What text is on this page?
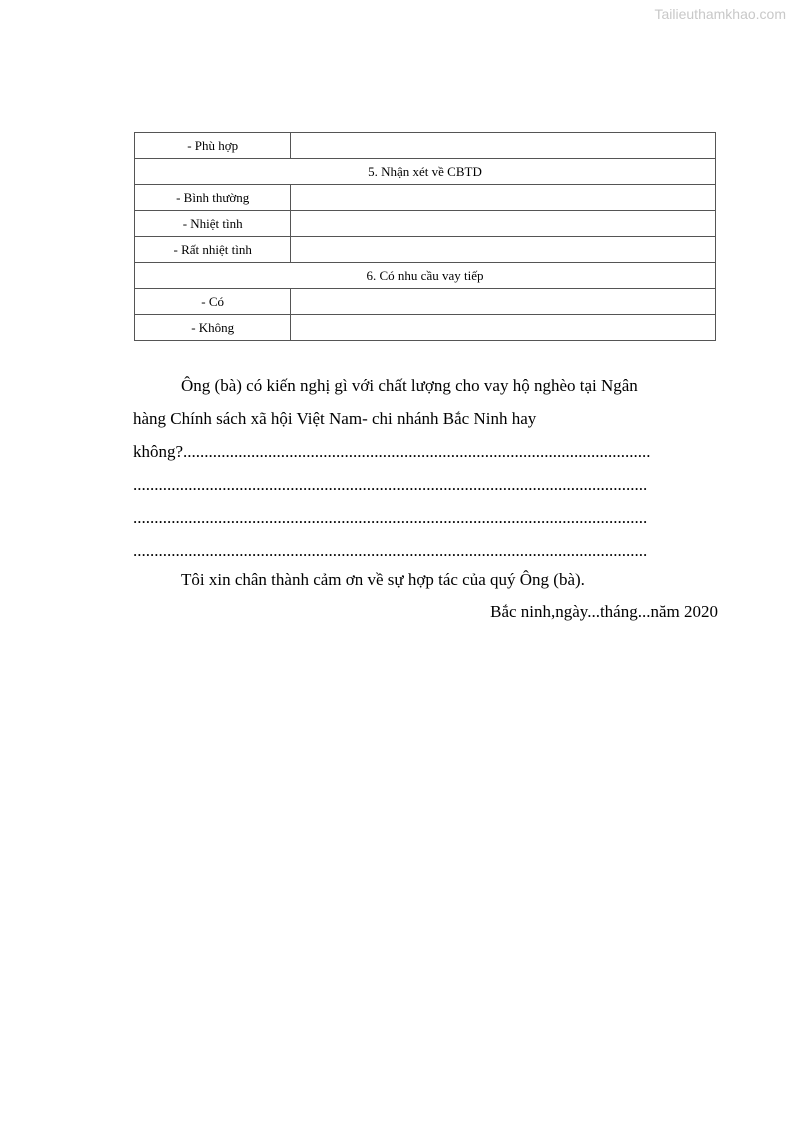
Tailieuthamkhao.com
- Phù hợp	
5. Nhận xét về CBTD	
- Bình thường	
- Nhiệt tình	
- Rất nhiệt tình	
6. Có nhu cầu vay tiếp	
- Có	
- Không	
Ông (bà) có kiến nghị gì với chất lượng cho vay hộ nghèo tại Ngân
hàng Chính sách xã hội Việt Nam- chi nhánh Bắc Ninh hay
không?..............................................................................................................
.........................................................................................................................
.........................................................................................................................
.........................................................................................................................
Tôi xin chân thành cảm ơn về sự hợp tác của quý Ông (bà).
Bắc ninh,ngày...tháng...năm 2020
